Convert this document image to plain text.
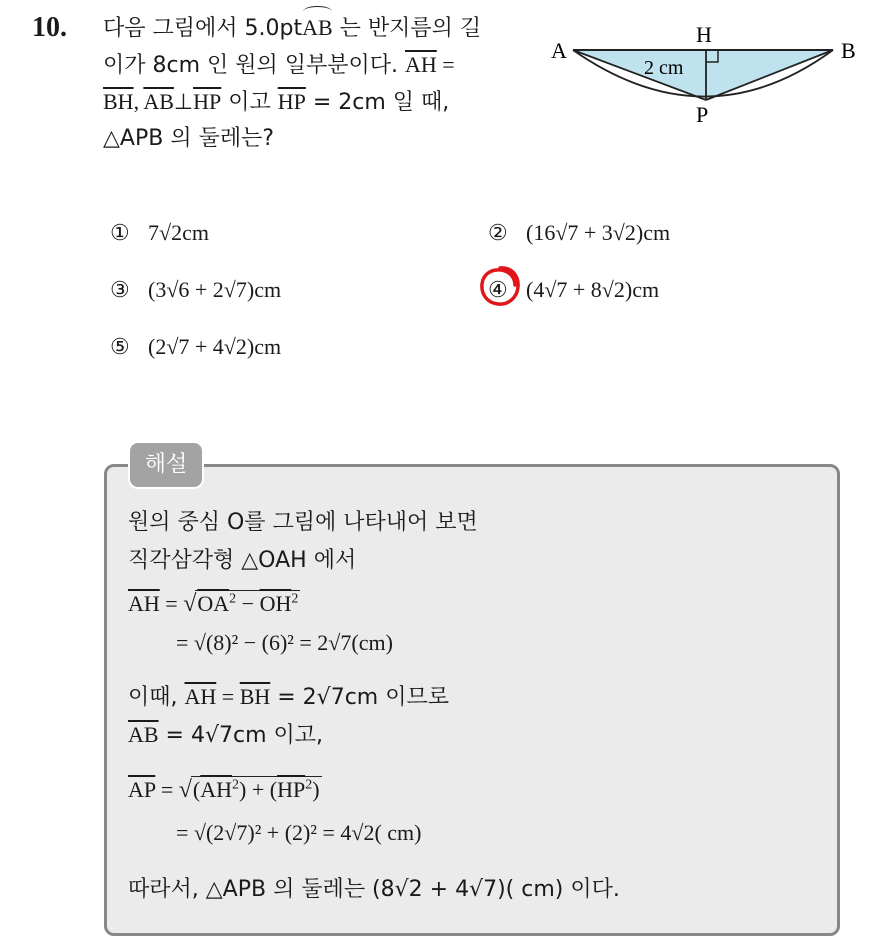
10. 다음 그림에서 5.0ptAB 는 반지름의 길
이가 8cm 인 원의 일부분이다. $\overline{AH}$ =
$\overline{BH}$, $\overline{AB}\perp\overline{HP}$ 이고 $\overline{HP} = 2cm$ 일 때,
△APB 의 둘레는?
A	B
H
P
2 cm
① 7√2cm	② (16√7 + 3√2)cm
③ (3√6 + 2√7)cm	④ (4√7 + 8√2)cm
⑤ (2√7 + 4√2)cm
해설
원의 중심 O를 그림에 나타내어 보면
직각삼각형 △OAH 에서
$\overline{AH} = √OA^2 - \overline{OH}^2$
= √(8)² − (6)² = 2√7(cm)
이때, $\overline{AH} = \overline{BH} = 2√7cm$ 이므로
$\overline{AB} = 4√7cm$ 이고,
$\overline{AP} = √(\overline{AH}^2) + (\overline{HP}^2)$
= √(2√7)² + (2)² = 4√2( cm)
따라서, △APB 의 둘레는 (8√2 + 4√7)( cm) 이다.
